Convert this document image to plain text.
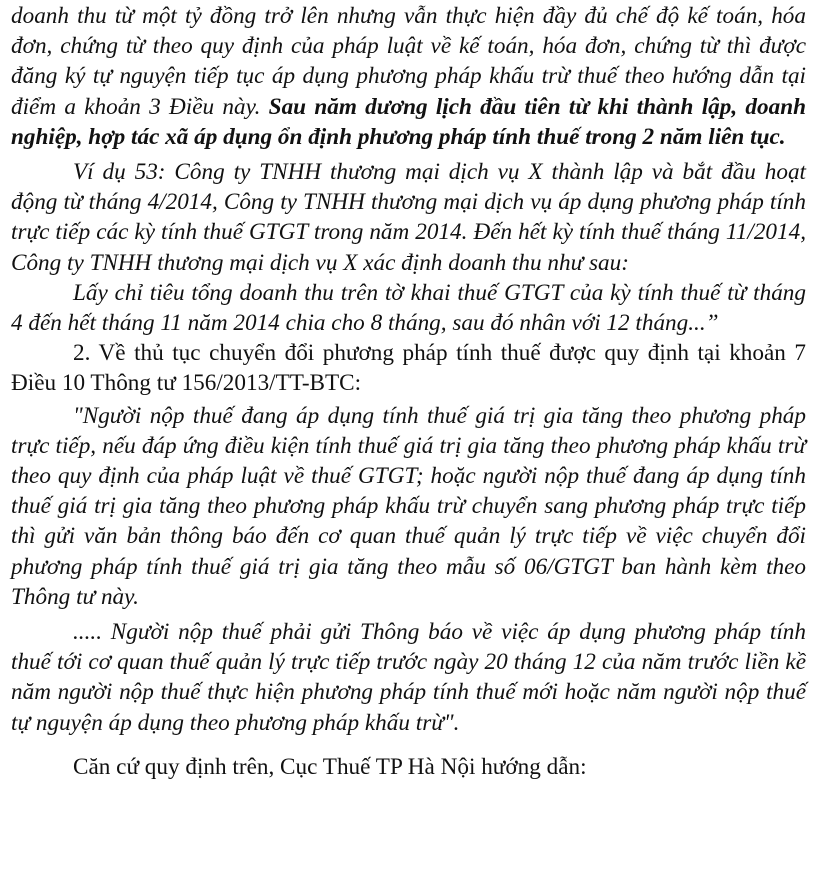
doanh thu từ một tỷ đồng trở lên nhưng vẫn thực hiện đầy đủ chế độ kế toán, hóa đơn, chứng từ theo quy định của pháp luật về kế toán, hóa đơn, chứng từ thì được đăng ký tự nguyện tiếp tục áp dụng phương pháp khấu trừ thuế theo hướng dẫn tại điểm a khoản 3 Điều này. Sau năm dương lịch đầu tiên từ khi thành lập, doanh nghiệp, hợp tác xã áp dụng ổn định phương pháp tính thuế trong 2 năm liên tục.

Ví dụ 53: Công ty TNHH thương mại dịch vụ X thành lập và bắt đầu hoạt động từ tháng 4/2014, Công ty TNHH thương mại dịch vụ áp dụng phương pháp tính trực tiếp các kỳ tính thuế GTGT trong năm 2014. Đến hết kỳ tính thuế tháng 11/2014, Công ty TNHH thương mại dịch vụ X xác định doanh thu như sau:

Lấy chỉ tiêu tổng doanh thu trên tờ khai thuế GTGT của kỳ tính thuế từ tháng 4 đến hết tháng 11 năm 2014 chia cho 8 tháng, sau đó nhân với 12 tháng...”

2. Về thủ tục chuyển đổi phương pháp tính thuế được quy định tại khoản 7 Điều 10 Thông tư 156/2013/TT-BTC:

"Người nộp thuế đang áp dụng tính thuế giá trị gia tăng theo phương pháp trực tiếp, nếu đáp ứng điều kiện tính thuế giá trị gia tăng theo phương pháp khấu trừ theo quy định của pháp luật về thuế GTGT; hoặc người nộp thuế đang áp dụng tính thuế giá trị gia tăng theo phương pháp khấu trừ chuyển sang phương pháp trực tiếp thì gửi văn bản thông báo đến cơ quan thuế quản lý trực tiếp về việc chuyển đổi phương pháp tính thuế giá trị gia tăng theo mẫu số 06/GTGT ban hành kèm theo Thông tư này.

..... Người nộp thuế phải gửi Thông báo về việc áp dụng phương pháp tính thuế tới cơ quan thuế quản lý trực tiếp trước ngày 20 tháng 12 của năm trước liền kề năm người nộp thuế thực hiện phương pháp tính thuế mới hoặc năm người nộp thuế tự nguyện áp dụng theo phương pháp khấu trừ".

Căn cứ quy định trên, Cục Thuế TP Hà Nội hướng dẫn:
